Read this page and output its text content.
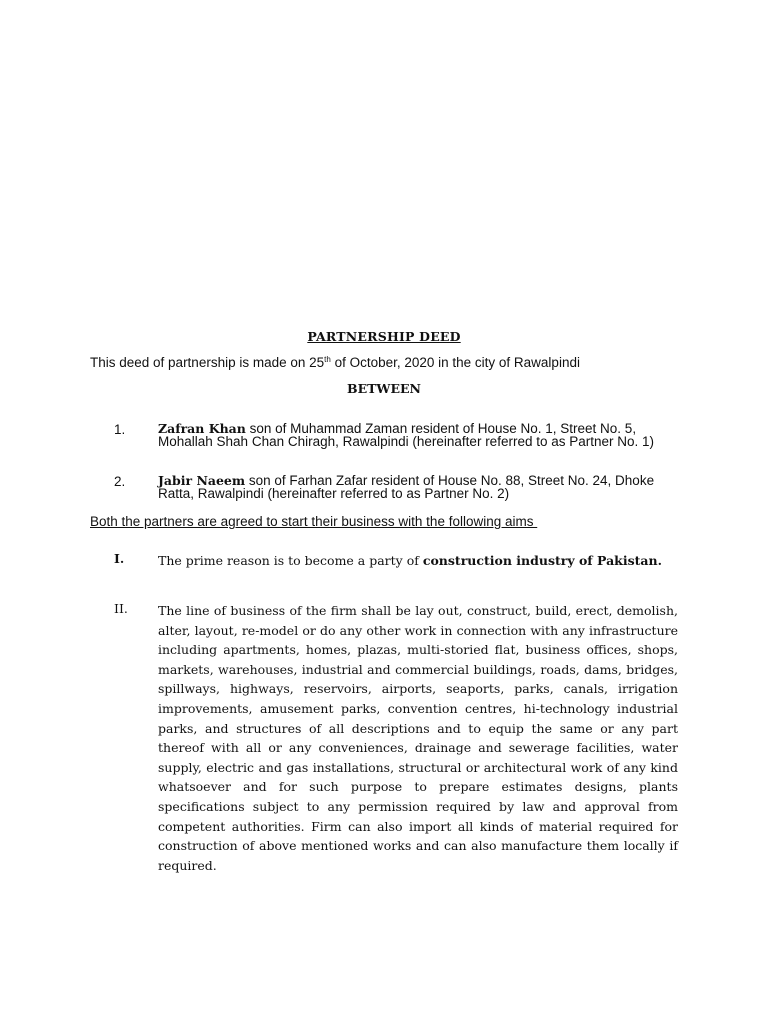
PARTNERSHIP DEED
This deed of partnership is made on 25th of October, 2020 in the city of Rawalpindi
BETWEEN
1.	Zafran Khan son of Muhammad Zaman resident of House No. 1, Street No. 5, Mohallah Shah Chan Chiragh, Rawalpindi (hereinafter referred to as Partner No. 1)
2.	Jabir Naeem son of Farhan Zafar resident of House No. 88, Street No. 24, Dhoke Ratta, Rawalpindi (hereinafter referred to as Partner No. 2)
Both the partners are agreed to start their business with the following aims
I.	The prime reason is to become a party of construction industry of Pakistan.
II. The line of business of the firm shall be lay out, construct, build, erect, demolish, alter, layout, re-model or do any other work in connection with any infrastructure including apartments, homes, plazas, multi-storied flat, business offices, shops, markets, warehouses, industrial and commercial buildings, roads, dams, bridges, spillways, highways, reservoirs, airports, seaports, parks, canals, irrigation improvements, amusement parks, convention centres, hi-technology industrial parks, and structures of all descriptions and to equip the same or any part thereof with all or any conveniences, drainage and sewerage facilities, water supply, electric and gas installations, structural or architectural work of any kind whatsoever and for such purpose to prepare estimates designs, plants specifications subject to any permission required by law and approval from competent authorities. Firm can also import all kinds of material required for construction of above mentioned works and can also manufacture them locally if required.
